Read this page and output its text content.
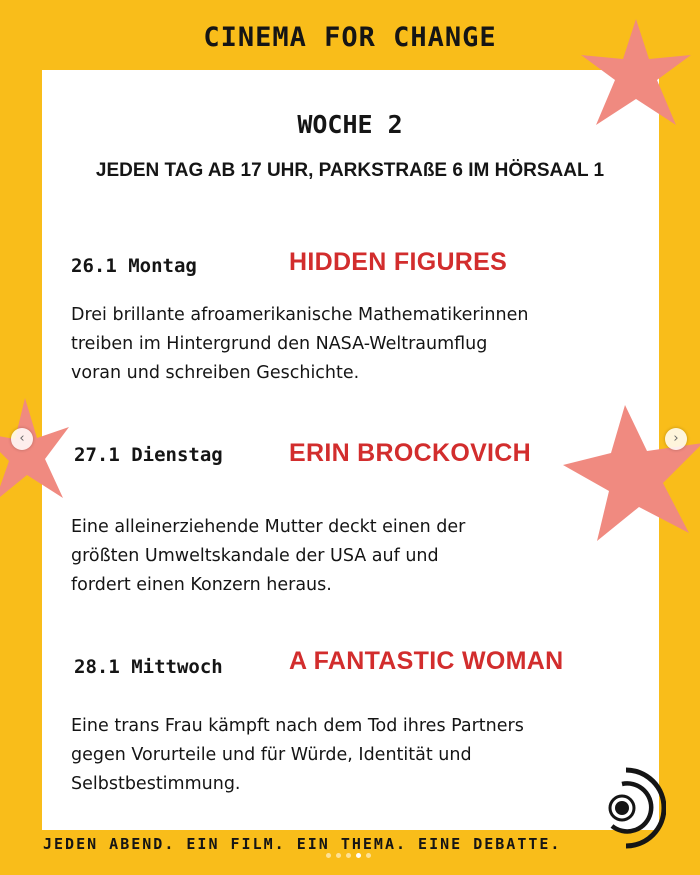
CINEMA FOR CHANGE
WOCHE 2
JEDEN TAG AB 17 UHR, PARKSTRAßE 6 IM HÖRSAAL 1
26.1 Montag	HIDDEN FIGURES
Drei brillante afroamerikanische Mathematikerinnen
treiben im Hintergrund den NASA-Weltraumflug
voran und schreiben Geschichte.
27.1 Dienstag	ERIN BROCKOVICH
Eine alleinerziehende Mutter deckt einen der
größten Umweltskandale der USA auf und
fordert einen Konzern heraus.
28.1 Mittwoch	A FANTASTIC WOMAN
Eine trans Frau kämpft nach dem Tod ihres Partners
gegen Vorurteile und für Würde, Identität und
Selbstbestimmung.
JEDEN ABEND. EIN FILM. EIN THEMA. EINE DEBATTE.
‹	›
